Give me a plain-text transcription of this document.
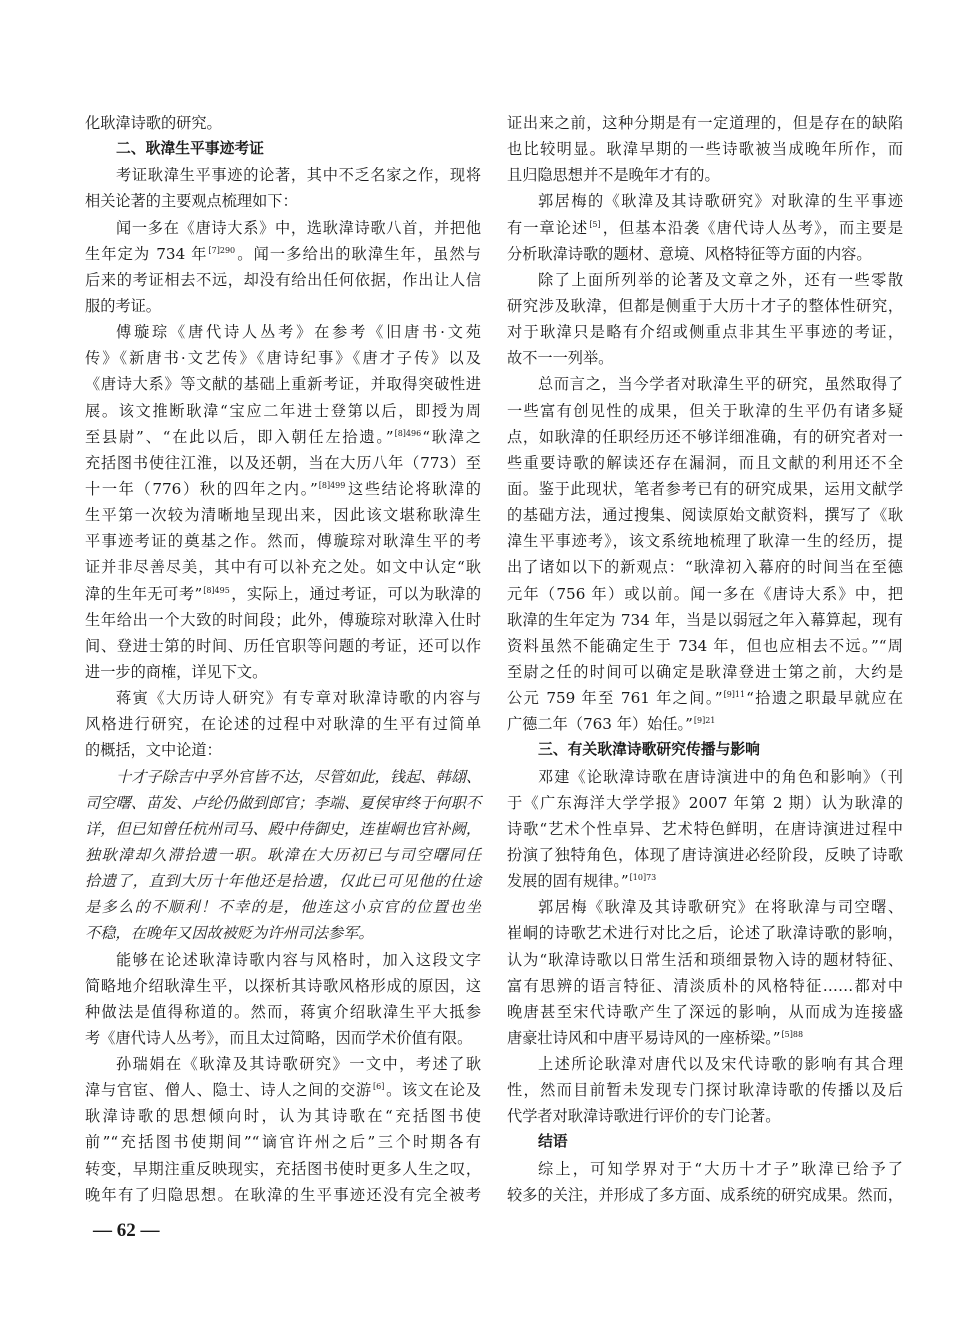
化耿湋诗歌的研究。
二、耿湋生平事迹考证
考证耿湋生平事迹的论著，其中不乏名家之作，现将
相关论著的主要观点梳理如下：
闻一多在《唐诗大系》中，选耿湋诗歌八首，并把他
生年定为 734 年$^{[7]290}$。闻一多给出的耿湋生年，虽然与
后来的考证相去不远，却没有给出任何依据，作出让人信
服的考证。
傅璇琮《唐代诗人丛考》在参考《旧唐书·文苑
传》《新唐书·文艺传》《唐诗纪事》《唐才子传》以及
《唐诗大系》等文献的基础上重新考证，并取得突破性进
展。该文推断耿湋“宝应二年进士登第以后，即授为周
至县尉”、“在此以后，即入朝任左拾遗。”$^{[8]496}$“耿湋之
充括图书使往江淮，以及还朝，当在大历八年（773）至
十一年（776）秋的四年之内。”$^{[8]499}$这些结论将耿湋的
生平第一次较为清晰地呈现出来，因此该文堪称耿湋生
平事迹考证的奠基之作。然而，傅璇琮对耿湋生平的考
证并非尽善尽美，其中有可以补充之处。如文中认定“耿
湋的生年无可考”$^{[8]495}$，实际上，通过考证，可以为耿湋的
生年给出一个大致的时间段；此外，傅璇琮对耿湋入仕时
间、登进士第的时间、历任官职等问题的考证，还可以作
进一步的商榷，详见下文。
蒋寅《大历诗人研究》有专章对耿湋诗歌的内容与
风格进行研究，在论述的过程中对耿湋的生平有过简单
的概括，文中论道：
十才子除吉中孚外官皆不达，尽管如此，钱起、韩翃、
司空曙、苗发、卢纶仍做到郎官；李端、夏侯审终于何职不
详，但已知曾任杭州司马、殿中侍御史，连崔峒也官补阙，
独耿湋却久滞拾遗一职。耿湋在大历初已与司空曙同任
拾遗了，直到大历十年他还是拾遗，仅此已可见他的仕途
是多么的不顺利！不幸的是，他连这小京官的位置也坐
不稳，在晚年又因故被贬为许州司法参军。
能够在论述耿湋诗歌内容与风格时，加入这段文字
简略地介绍耿湋生平，以探析其诗歌风格形成的原因，这
种做法是值得称道的。然而，蒋寅介绍耿湋生平大抵参
考《唐代诗人丛考》，而且太过简略，因而学术价值有限。
孙瑞娟在《耿湋及其诗歌研究》一文中，考述了耿
湋与官宦、僧人、隐士、诗人之间的交游[6]。该文在论及
耿湋诗歌的思想倾向时，认为其诗歌在“充括图书使
前”“充括图书使期间”“谪官许州之后”三个时期各有
转变，早期注重反映现实，充括图书使时更多人生之叹，
晚年有了归隐思想。在耿湋的生平事迹还没有完全被考
证出来之前，这种分期是有一定道理的，但是存在的缺陷
也比较明显。耿湋早期的一些诗歌被当成晚年所作，而
且归隐思想并不是晚年才有的。
郭居梅的《耿湋及其诗歌研究》对耿湋的生平事迹
有一章论述[5]，但基本沿袭《唐代诗人丛考》，而主要是
分析耿湋诗歌的题材、意境、风格特征等方面的内容。
除了上面所列举的论著及文章之外，还有一些零散
研究涉及耿湋，但都是侧重于大历十才子的整体性研究，
对于耿湋只是略有介绍或侧重点非其生平事迹的考证，
故不一一列举。
总而言之，当今学者对耿湋生平的研究，虽然取得了
一些富有创见性的成果，但关于耿湋的生平仍有诸多疑
点，如耿湋的任职经历还不够详细准确，有的研究者对一
些重要诗歌的解读还存在漏洞，而且文献的利用还不全
面。鉴于此现状，笔者参考已有的研究成果，运用文献学
的基础方法，通过搜集、阅读原始文献资料，撰写了《耿
湋生平事迹考》，该文系统地梳理了耿湋一生的经历，提
出了诸如以下的新观点：“耿湋初入幕府的时间当在至德
元年（756 年）或以前。闻一多在《唐诗大系》中，把
耿湋的生年定为 734 年，当是以弱冠之年入幕算起，现有
资料虽然不能确定生于 734 年，但也应相去不远。”“周
至尉之任的时间可以确定是耿湋登进士第之前，大约是
公元 759 年至 761 年之间。”$^{[9]11}$“拾遗之职最早就应在
广德二年（763 年）始任。”$^{[9]21}$
三、有关耿湋诗歌研究传播与影响
邓建《论耿湋诗歌在唐诗演进中的角色和影响》（刊
于《广东海洋大学学报》2007 年第 2 期）认为耿湋的
诗歌“艺术个性卓异、艺术特色鲜明，在唐诗演进过程中
扮演了独特角色，体现了唐诗演进必经阶段，反映了诗歌
发展的固有规律。”$^{[10]73}$
郭居梅《耿湋及其诗歌研究》在将耿湋与司空曙、
崔峒的诗歌艺术进行对比之后，论述了耿湋诗歌的影响，
认为“耿湋诗歌以日常生活和琐细景物入诗的题材特征、
富有思辨的语言特征、清淡质朴的风格特征……都对中
晚唐甚至宋代诗歌产生了深远的影响，从而成为连接盛
唐豪壮诗风和中唐平易诗风的一座桥梁。”$^{[5]88}$
上述所论耿湋对唐代以及宋代诗歌的影响有其合理
性，然而目前暂未发现专门探讨耿湋诗歌的传播以及后
代学者对耿湋诗歌进行评价的专门论著。
结语
综上，可知学界对于“大历十才子”耿湋已给予了
较多的关注，并形成了多方面、成系统的研究成果。然而，
— 62 —
